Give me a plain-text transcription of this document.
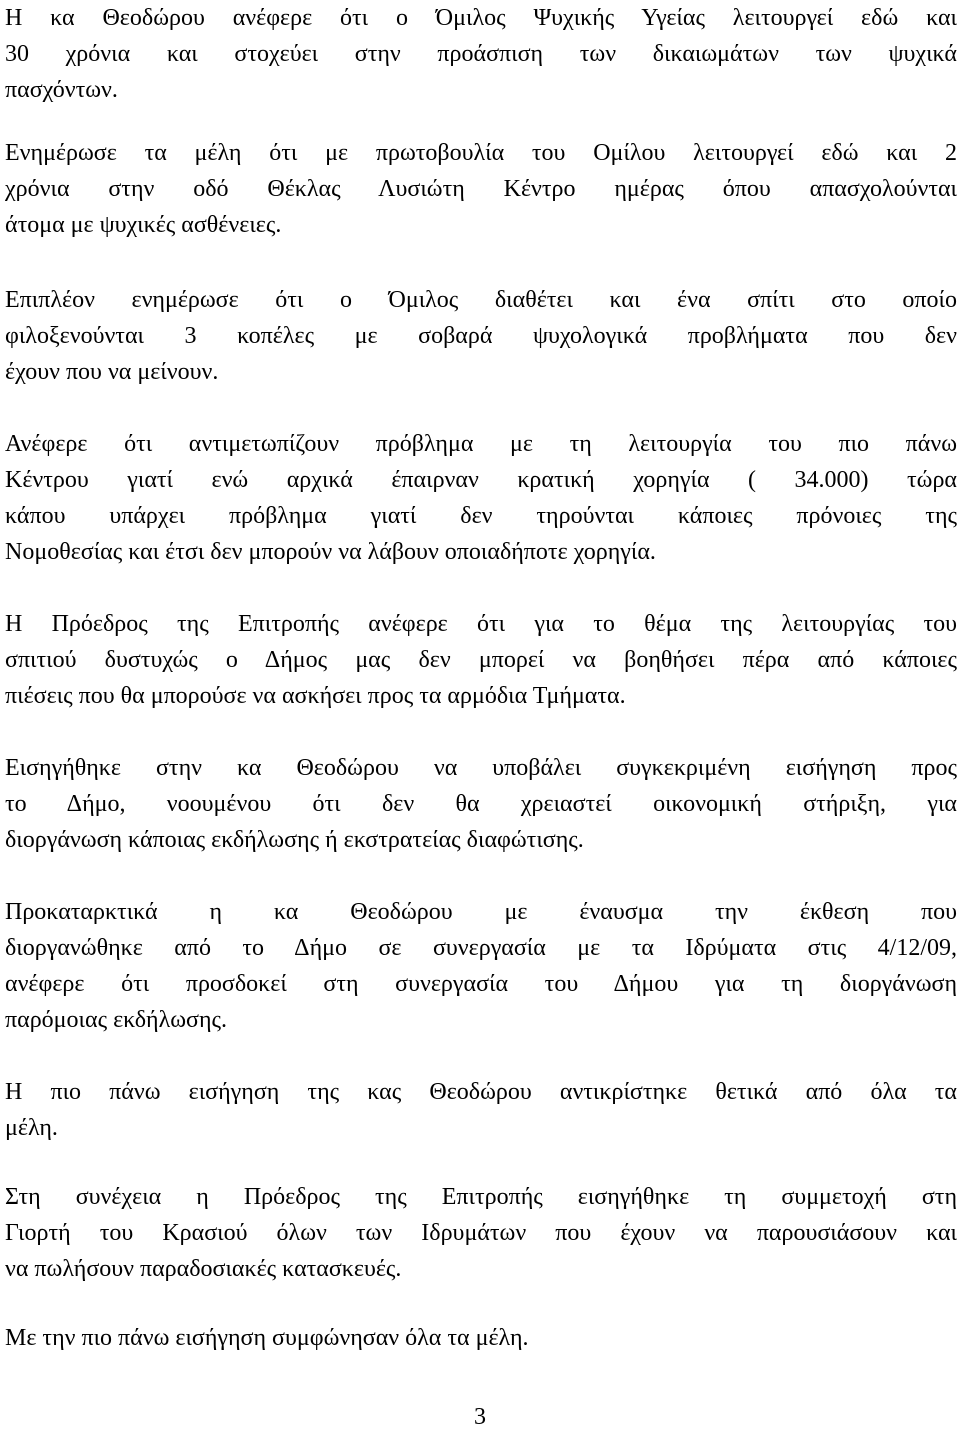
Η κα Θεοδώρου ανέφερε ότι ο Όμιλος Ψυχικής Υγείας λειτουργεί εδώ και
30 χρόνια και στοχεύει στην προάσπιση των δικαιωμάτων των ψυχικά
πασχόντων.

Ενημέρωσε τα μέλη ότι με πρωτοβουλία του Ομίλου λειτουργεί εδώ και 2
χρόνια στην οδό Θέκλας Λυσιώτη Κέντρο ημέρας όπου απασχολούνται
άτομα με ψυχικές ασθένειες.

Επιπλέον ενημέρωσε ότι ο Όμιλος διαθέτει και ένα σπίτι στο οποίο
φιλοξενούνται 3 κοπέλες με σοβαρά ψυχολογικά προβλήματα που δεν
έχουν που να μείνουν.

Ανέφερε ότι αντιμετωπίζουν πρόβλημα με τη λειτουργία του πιο πάνω
Κέντρου γιατί ενώ αρχικά έπαιρναν κρατική χορηγία ( 34.000) τώρα
κάπου υπάρχει πρόβλημα γιατί δεν τηρούνται κάποιες πρόνοιες της
Νομοθεσίας και έτσι δεν μπορούν να λάβουν οποιαδήποτε χορηγία.

Η Πρόεδρος της Επιτροπής ανέφερε ότι για το θέμα της λειτουργίας του
σπιτιού δυστυχώς ο Δήμος μας δεν μπορεί να βοηθήσει πέρα από κάποιες
πιέσεις που θα μπορούσε να ασκήσει προς τα αρμόδια Τμήματα.

Εισηγήθηκε στην κα Θεοδώρου να υποβάλει συγκεκριμένη εισήγηση προς
το Δήμο, νοουμένου ότι δεν θα χρειαστεί οικονομική στήριξη, για
διοργάνωση κάποιας εκδήλωσης ή εκστρατείας διαφώτισης.

Προκαταρκτικά η κα Θεοδώρου με έναυσμα την έκθεση που
διοργανώθηκε από το Δήμο σε συνεργασία με τα Ιδρύματα στις 4/12/09,
ανέφερε ότι προσδοκεί στη συνεργασία του Δήμου για τη διοργάνωση
παρόμοιας εκδήλωσης.

Η πιο πάνω εισήγηση της κας Θεοδώρου αντικρίστηκε θετικά από όλα τα
μέλη.

Στη συνέχεια η Πρόεδρος της Επιτροπής εισηγήθηκε τη συμμετοχή στη
Γιορτή του Κρασιού όλων των Ιδρυμάτων που έχουν να παρουσιάσουν και
να πωλήσουν παραδοσιακές κατασκευές.

Με την πιο πάνω εισήγηση συμφώνησαν όλα τα μέλη.

3
